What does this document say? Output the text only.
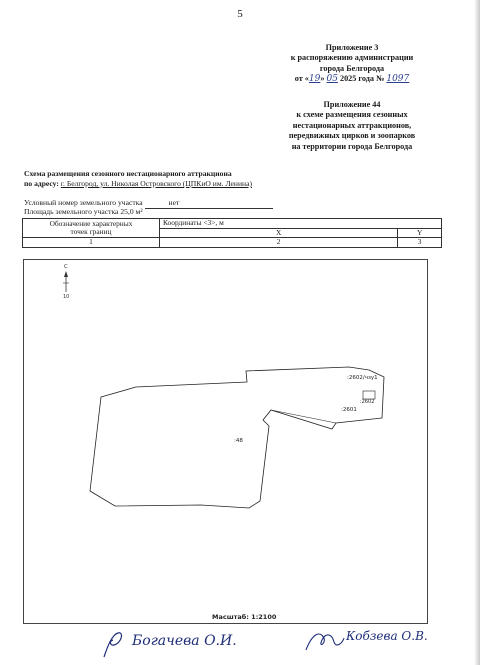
5
Приложение 3
к распоряжению администрации
города Белгорода
от «19» 05 2025 года № 1097
Приложение 44
к схеме размещения сезонных
нестационарных аттракционов,
передвижных цирков и зоопарков
на территории города Белгорода
Схема размещения сезонного нестационарного аттракциона
по адресу: г. Белгород, ул. Николая Островского (ЦПКиО им. Ленина)
Условный номер земельного участка	нет
Площадь земельного участка 25,0 м²
Обозначение характерных
точек границ	Координаты <3>, м	
	X	Y
1	2	3
С
10
:48
:2601
:2602/чзу1
:2602
Масштаб: 1:2100
Богачева О.И.	Кобзева О.В.
